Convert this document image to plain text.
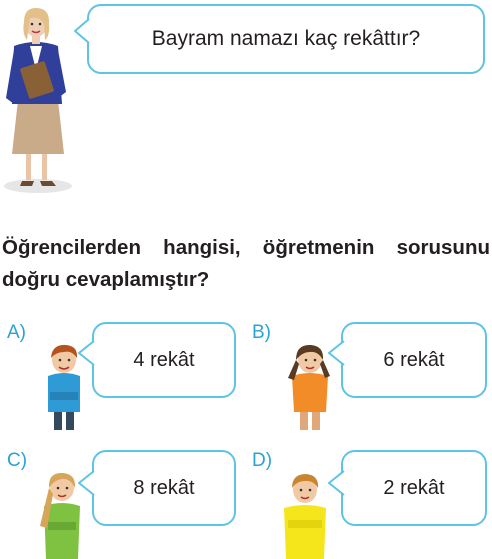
Bayram namazı kaç rekâttır?
Öğrencilerden hangisi, öğretmenin sorusunu
doğru cevaplamıştır?
A)
4 rekât
B)
6 rekât
C)
8 rekât
D)
2 rekât
